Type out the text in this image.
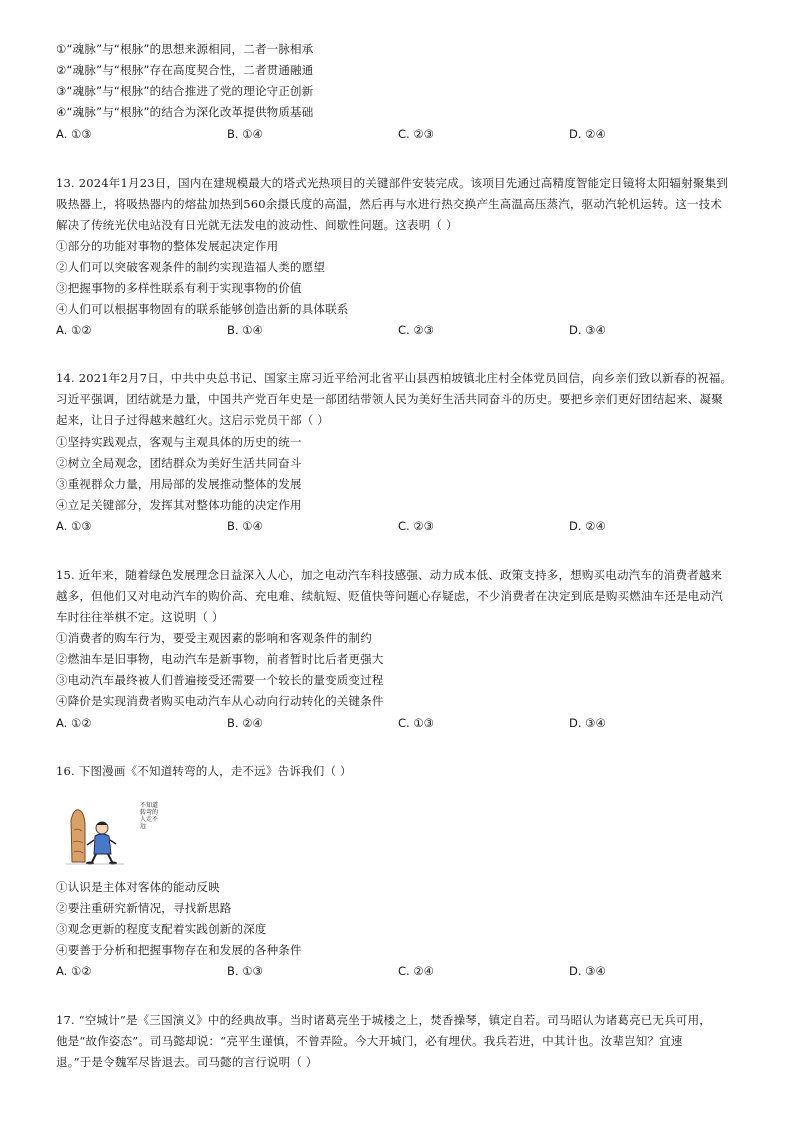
①“魂脉”与“根脉”的思想来源相同，二者一脉相承
②“魂脉”与“根脉”存在高度契合性，二者贯通融通
③“魂脉”与“根脉”的结合推进了党的理论守正创新
④“魂脉”与“根脉”的结合为深化改革提供物质基础
A. ①③	B. ①④	C. ②③	D. ②④
13. 2024年1月23日，国内在建规模最大的塔式光热项目的关键部件安装完成。该项目先通过高精度智能定日镜将太阳辐射聚集到
吸热器上，将吸热器内的熔盐加热到560余摄氏度的高温，然后再与水进行热交换产生高温高压蒸汽，驱动汽轮机运转。这一技术
解决了传统光伏电站没有日光就无法发电的波动性、间歇性问题。这表明（ ）
①部分的功能对事物的整体发展起决定作用
②人们可以突破客观条件的制约实现造福人类的愿望
③把握事物的多样性联系有利于实现事物的价值
④人们可以根据事物固有的联系能够创造出新的具体联系
A. ①②	B. ①④	C. ②③	D. ③④
14. 2021年2月7日，中共中央总书记、国家主席习近平给河北省平山县西柏坡镇北庄村全体党员回信，向乡亲们致以新春的祝福。
习近平强调，团结就是力量，中国共产党百年史是一部团结带领人民为美好生活共同奋斗的历史。要把乡亲们更好团结起来、凝聚
起来，让日子过得越来越红火。这启示党员干部（ ）
①坚持实践观点，客观与主观具体的历史的统一
②树立全局观念，团结群众为美好生活共同奋斗
③重视群众力量，用局部的发展推动整体的发展
④立足关键部分，发挥其对整体功能的决定作用
A. ①③	B. ①④	C. ②③	D. ②④
15. 近年来，随着绿色发展理念日益深入人心，加之电动汽车科技感强、动力成本低、政策支持多，想购买电动汽车的消费者越来
越多，但他们又对电动汽车的购价高、充电难、续航短、贬值快等问题心存疑虑，不少消费者在决定到底是购买燃油车还是电动汽
车时往往举棋不定。这说明（ ）
①消费者的购车行为，要受主观因素的影响和客观条件的制约
②燃油车是旧事物，电动汽车是新事物，前者暂时比后者更强大
③电动汽车最终被人们普遍接受还需要一个较长的量变质变过程
④降价是实现消费者购买电动汽车从心动向行动转化的关键条件
A. ①②	B. ②④	C. ①③	D. ③④
16. 下图漫画《不知道转弯的人，走不远》告诉我们（ ）
不知道转弯的人走不远
①认识是主体对客体的能动反映
②要注重研究新情况，寻找新思路
③观念更新的程度支配着实践创新的深度
④要善于分析和把握事物存在和发展的各种条件
A. ①②	B. ①③	C. ②④	D. ③④
17. “空城计”是《三国演义》中的经典故事。当时诸葛亮坐于城楼之上，焚香操琴，镇定自若。司马昭认为诸葛亮已无兵可用，
他是“故作姿态”。司马懿却说：“亮平生谨慎，不曾弄险。今大开城门，必有埋伏。我兵若进，中其计也。汝辈岂知？宜速
退。”于是令魏军尽皆退去。司马懿的言行说明（ ）
